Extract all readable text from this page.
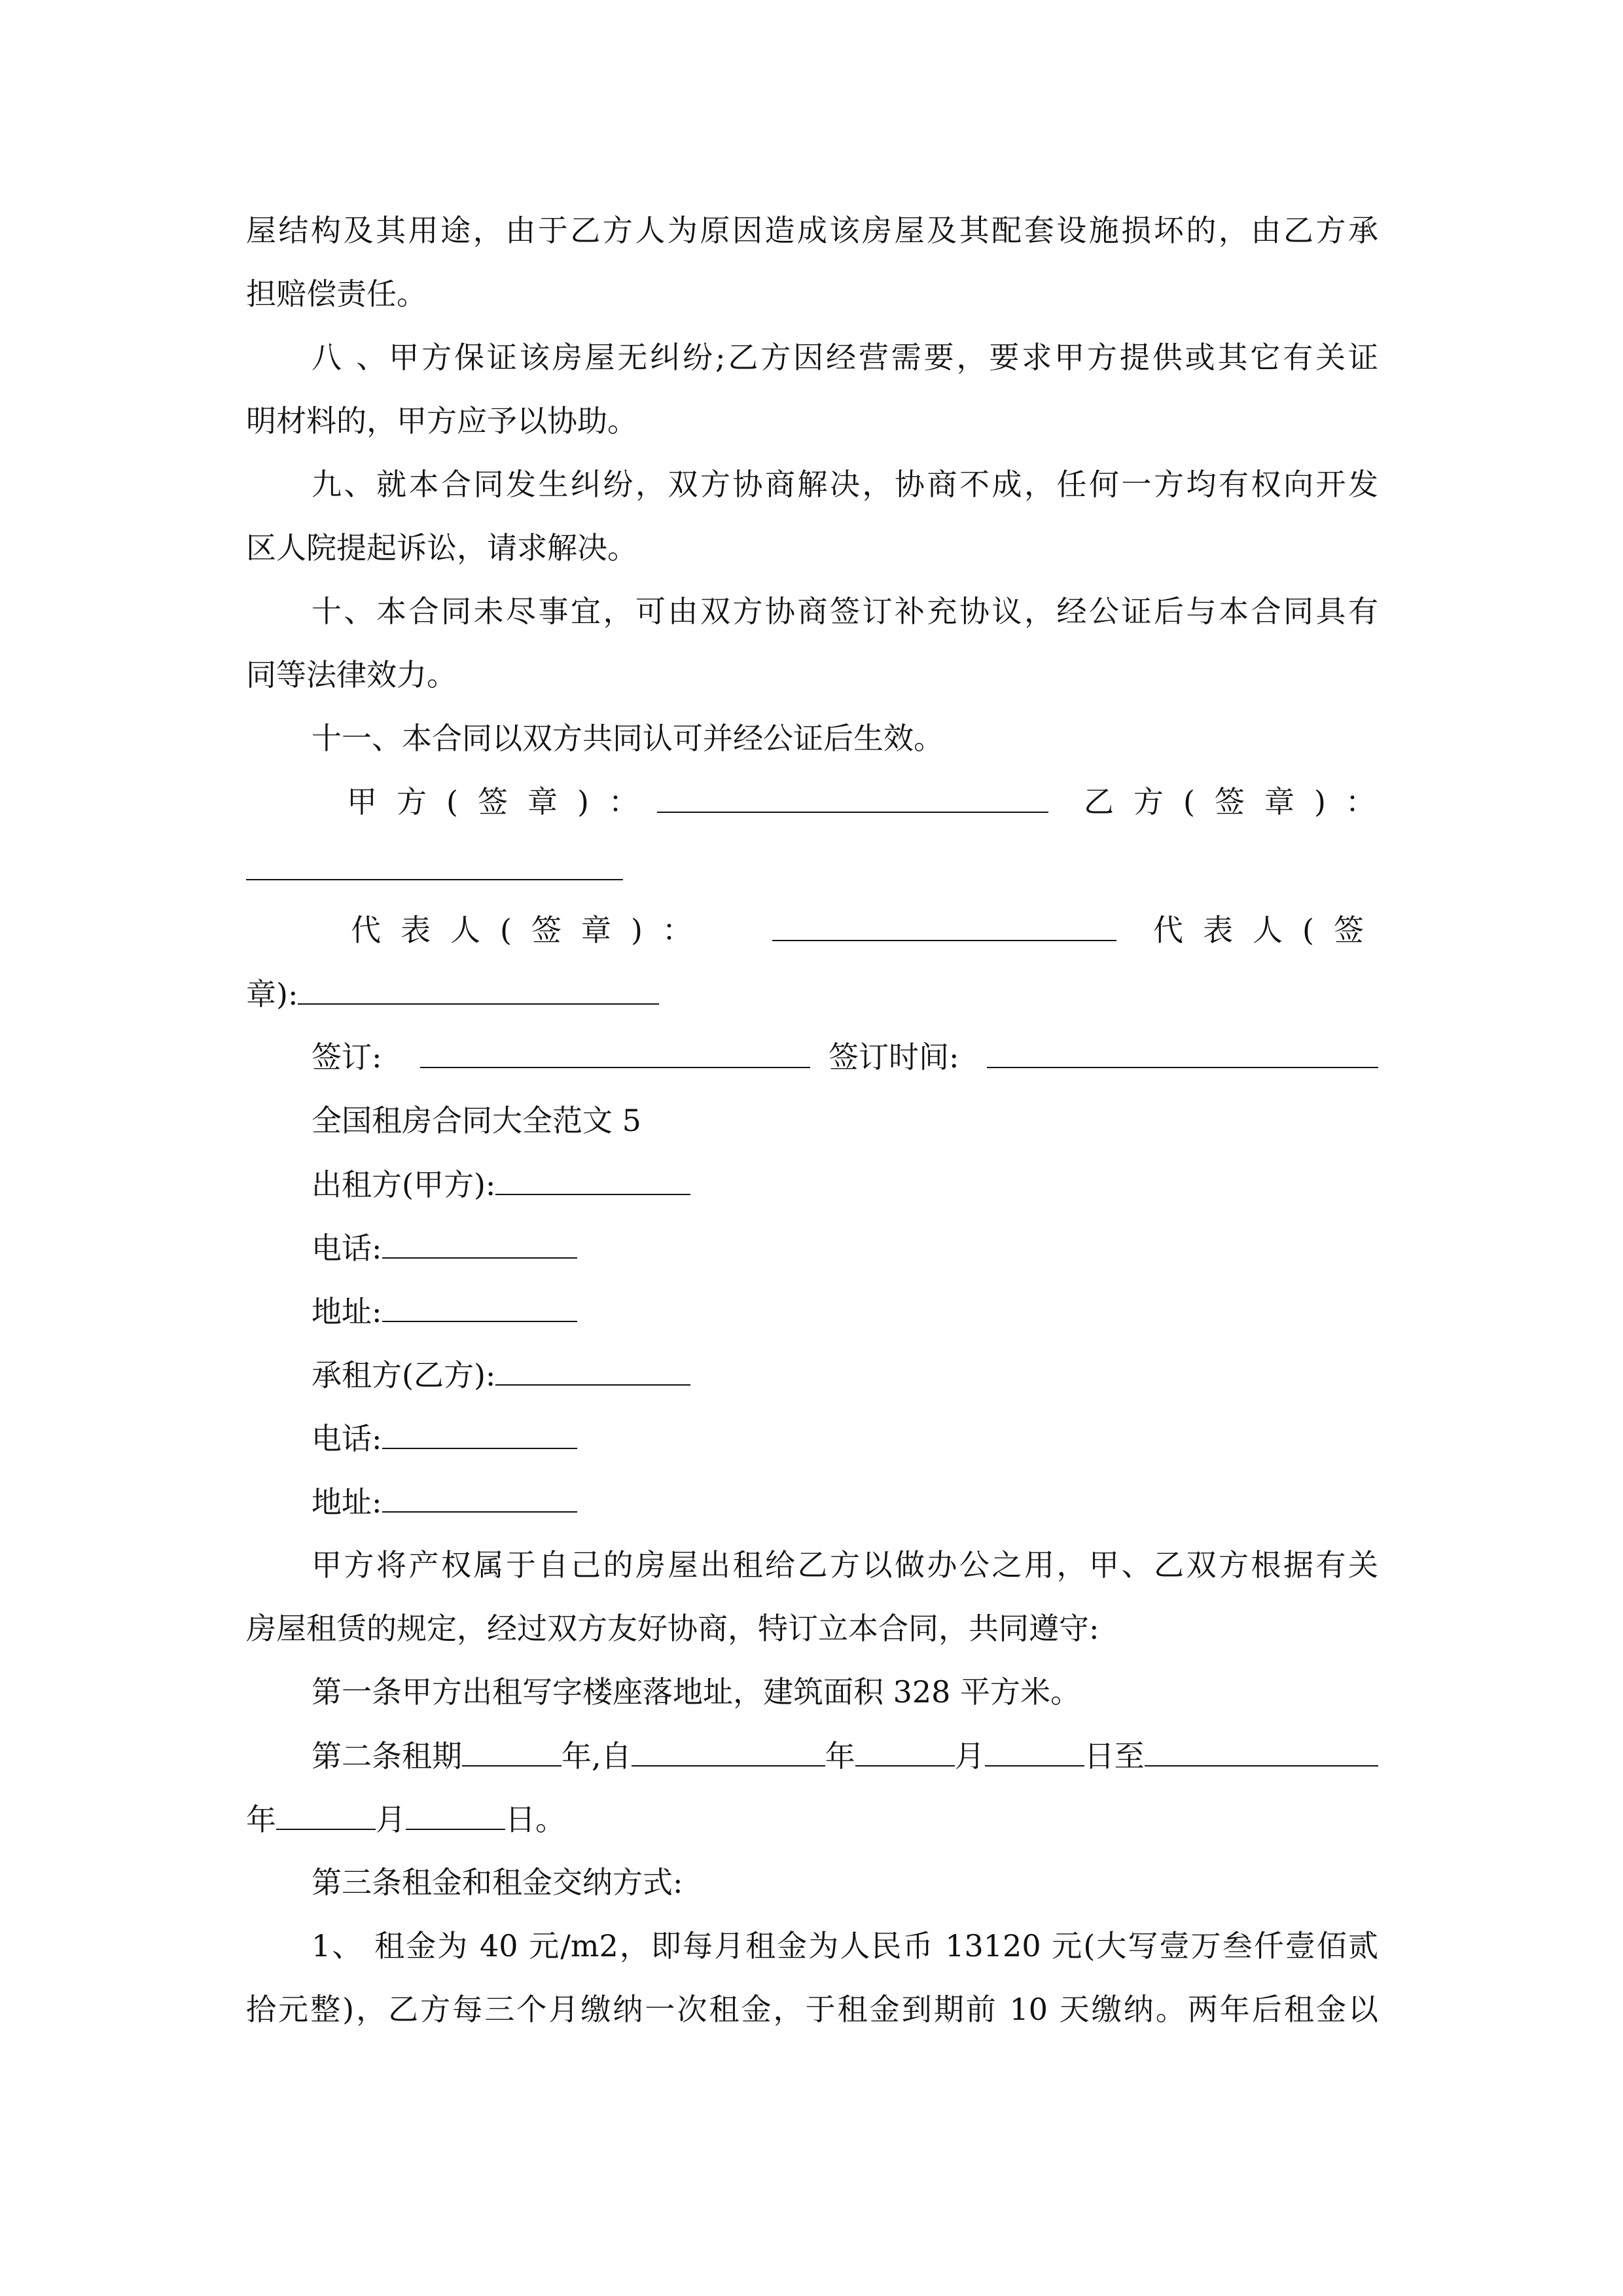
屋结构及其用途，由于乙方人为原因造成该房屋及其配套设施损坏的，由乙方承
担赔偿责任。
八 、甲方保证该房屋无纠纷;乙方因经营需要，要求甲方提供或其它有关证
明材料的，甲方应予以协助。
九、就本合同发生纠纷，双方协商解决，协商不成，任何一方均有权向开发
区人院提起诉讼，请求解决。
十、本合同未尽事宜，可由双方协商签订补充协议，经公证后与本合同具有
同等法律效力。
十一、本合同以双方共同认可并经公证后生效。
甲方(签章)：	乙方(签章)：
代表人(签章)：	代表人(签
章):
签订:	签订时间:
全国租房合同大全范文 5
出租方(甲方):
电话:
地址:
承租方(乙方):
电话:
地址:
甲方将产权属于自己的房屋出租给乙方以做办公之用，甲、乙双方根据有关
房屋租赁的规定，经过双方友好协商，特订立本合同，共同遵守:
第一条甲方出租写字楼座落地址，建筑面积 328 平方米。
第二条租期	年,自	年	月	日至
年	月	日。
第三条租金和租金交纳方式:
1、 租金为 40 元/m2，即每月租金为人民币 13120 元(大写壹万叁仟壹佰贰
拾元整)，乙方每三个月缴纳一次租金，于租金到期前 10 天缴纳。两年后租金以
